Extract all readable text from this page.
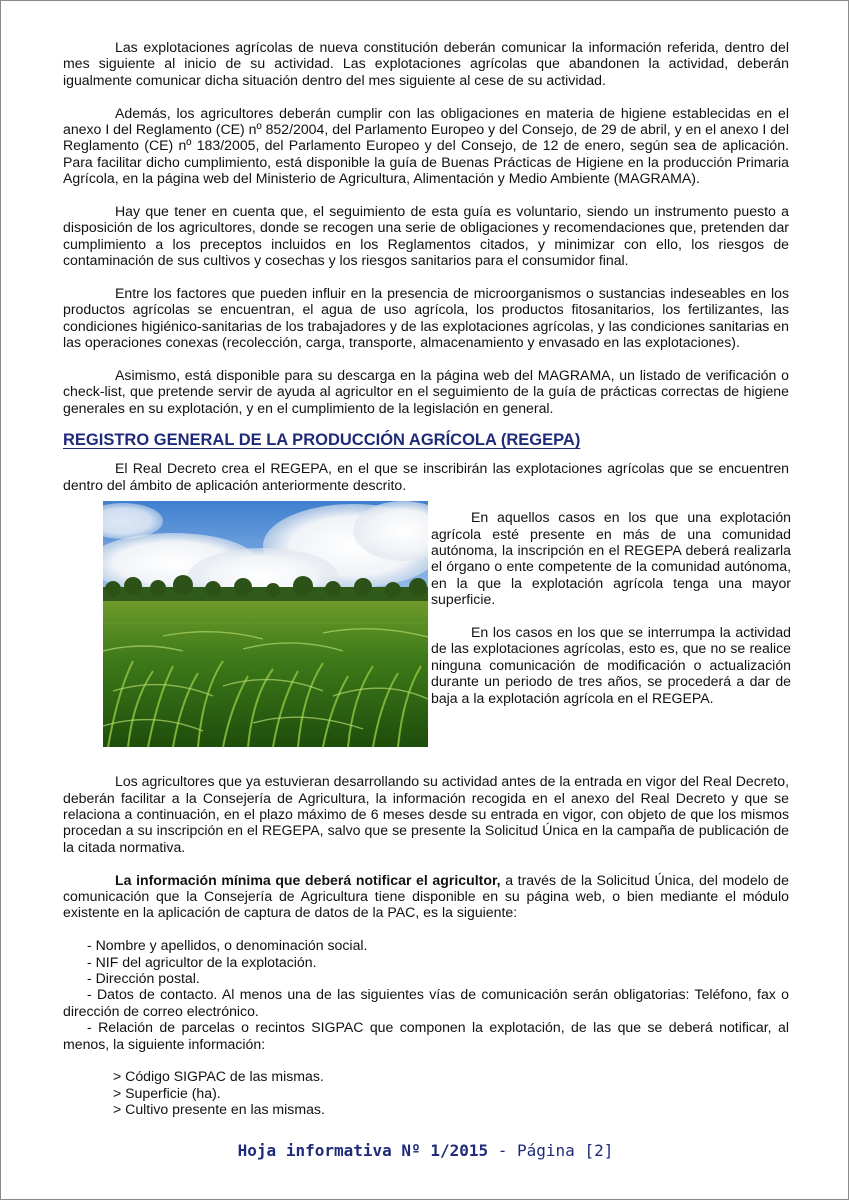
Las explotaciones agrícolas de nueva constitución deberán comunicar la información referida, dentro del mes siguiente al inicio de su actividad. Las explotaciones agrícolas que abandonen la actividad, deberán igualmente comunicar dicha situación dentro del mes siguiente al cese de su actividad.

Además, los agricultores deberán cumplir con las obligaciones en materia de higiene establecidas en el anexo I del Reglamento (CE) nº 852/2004, del Parlamento Europeo y del Consejo, de 29 de abril, y en el anexo I del Reglamento (CE) nº 183/2005, del Parlamento Europeo y del Consejo, de 12 de enero, según sea de aplicación. Para facilitar dicho cumplimiento, está disponible la guía de Buenas Prácticas de Higiene en la producción Primaria Agrícola, en la página web del Ministerio de Agricultura, Alimentación y Medio Ambiente (MAGRAMA).

Hay que tener en cuenta que, el seguimiento de esta guía es voluntario, siendo un instrumento puesto a disposición de los agricultores, donde se recogen una serie de obligaciones y recomendaciones que, pretenden dar cumplimiento a los preceptos incluidos en los Reglamentos citados, y minimizar con ello, los riesgos de contaminación de sus cultivos y cosechas y los riesgos sanitarios para el consumidor final.

Entre los factores que pueden influir en la presencia de microorganismos o sustancias indeseables en los productos agrícolas se encuentran, el agua de uso agrícola, los productos fitosanitarios, los fertilizantes, las condiciones higiénico-sanitarias de los trabajadores y de las explotaciones agrícolas, y las condiciones sanitarias en las operaciones conexas (recolección, carga, transporte, almacenamiento y envasado en las explotaciones).

Asimismo, está disponible para su descarga en la página web del MAGRAMA, un listado de verificación o check-list, que pretende servir de ayuda al agricultor en el seguimiento de la guía de prácticas correctas de higiene generales en su explotación, y en el cumplimiento de la legislación en general.

REGISTRO GENERAL DE LA PRODUCCIÓN AGRÍCOLA (REGEPA)

El Real Decreto crea el REGEPA, en el que se inscribirán las explotaciones agrícolas que se encuentren dentro del ámbito de aplicación anteriormente descrito.

En aquellos casos en los que una explotación agrícola esté presente en más de una comunidad autónoma, la inscripción en el REGEPA deberá realizarla el órgano o ente competente de la comunidad autónoma, en la que la explotación agrícola tenga una mayor superficie.

En los casos en los que se interrumpa la actividad de las explotaciones agrícolas, esto es, que no se realice ninguna comunicación de modificación o actualización durante un periodo de tres años, se procederá a dar de baja a la explotación agrícola en el REGEPA.

Los agricultores que ya estuvieran desarrollando su actividad antes de la entrada en vigor del Real Decreto, deberán facilitar a la Consejería de Agricultura, la información recogida en el anexo del Real Decreto y que se relaciona a continuación, en el plazo máximo de 6 meses desde su entrada en vigor, con objeto de que los mismos procedan a su inscripción en el REGEPA, salvo que se presente la Solicitud Única en la campaña de publicación de la citada normativa.

La información mínima que deberá notificar el agricultor, a través de la Solicitud Única, del modelo de comunicación que la Consejería de Agricultura tiene disponible en su página web, o bien mediante el módulo existente en la aplicación de captura de datos de la PAC, es la siguiente:

- Nombre y apellidos, o denominación social.
- NIF del agricultor de la explotación.
- Dirección postal.
- Datos de contacto. Al menos una de las siguientes vías de comunicación serán obligatorias: Teléfono, fax o dirección de correo electrónico.
- Relación de parcelas o recintos SIGPAC que componen la explotación, de las que se deberá notificar, al menos, la siguiente información:
> Código SIGPAC de las mismas.
> Superficie (ha).
> Cultivo presente en las mismas.
Hoja informativa Nº 1/2015 - Página [2]
